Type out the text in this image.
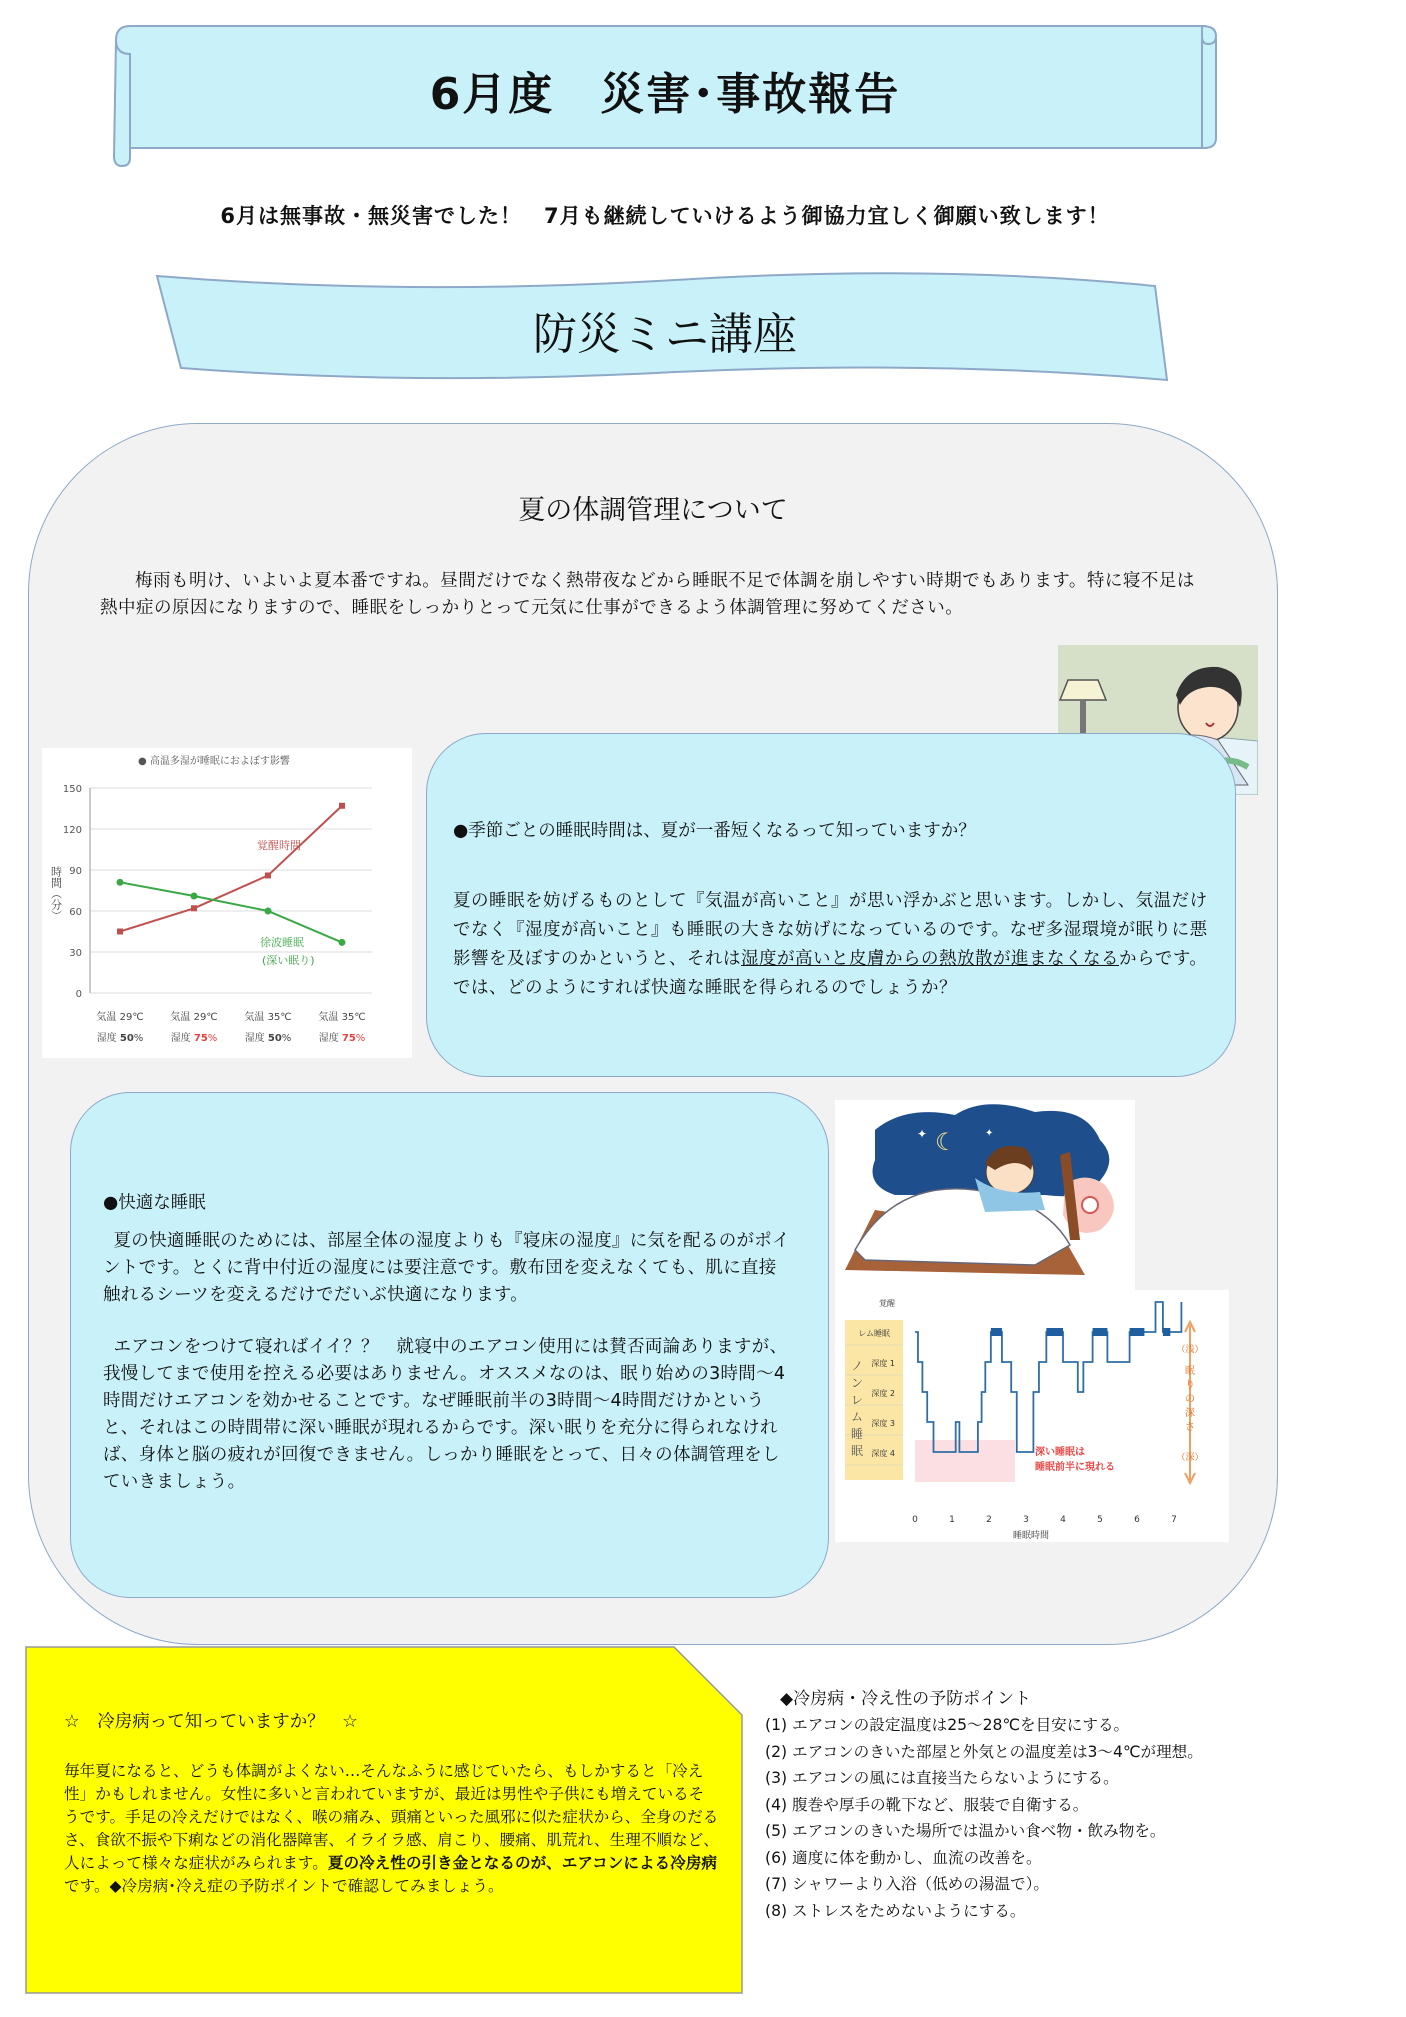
6月度　災害･事故報告
6月は無事故・無災害でした！　7月も継続していけるよう御協力宜しく御願い致します！
防災ミニ講座
夏の体調管理について
梅雨も明け、いよいよ夏本番ですね。昼間だけでなく熱帯夜などから睡眠不足で体調を崩しやすい時期でもあります。特に寝不足は熱中症の原因になりますので、睡眠をしっかりとって元気に仕事ができるよう体調管理に努めてください。
● 高温多湿が睡眠におよぼす影響
0
30
60
90
120
150
時間（分）
気温 29℃
湿度 50%
気温 29℃
湿度 75%
気温 35℃
湿度 50%
気温 35℃
湿度 75%
覚醒時間
徐波睡眠
(深い眠り)
●季節ごとの睡眠時間は、夏が一番短くなるって知っていますか？
夏の睡眠を妨げるものとして『気温が高いこと』が思い浮かぶと思います。しかし、気温だけでなく『湿度が高いこと』も睡眠の大きな妨げになっているのです。なぜ多湿環境が眠りに悪影響を及ぼすのかというと、それは湿度が高いと皮膚からの熱放散が進まなくなるからです。では、どのようにすれば快適な睡眠を得られるのでしょうか？
●快適な睡眠

夏の快適睡眠のためには、部屋全体の湿度よりも『寝床の湿度』に気を配るのがポイントです。とくに背中付近の湿度には要注意です。敷布団を変えなくても、肌に直接触れるシーツを変えるだけでだいぶ快適になります。

エアコンをつけて寝ればイイ？？　就寝中のエアコン使用には賛否両論ありますが、我慢してまで使用を控える必要はありません。オススメなのは、眠り始めの3時間〜4時間だけエアコンを効かせることです。なぜ睡眠前半の3時間〜4時間だけかというと、それはこの時間帯に深い睡眠が現れるからです。深い眠りを充分に得られなければ、身体と脳の疲れが回復できません。しっかり睡眠をとって、日々の体調管理をしていきましょう。

☾
✦	✦
覚醒
レム睡眠
深度 1
深度 2
深度 3
深度 4
ノ
ン
レ
ム
睡
眠
0	1	2	3	4	5	6	7
睡眠時間
（浅）
眠
り
の
深
さ
（深）
深い睡眠は
睡眠前半に現れる
☆　冷房病って知っていますか？　☆
毎年夏になると、どうも体調がよくない…そんなふうに感じていたら、もしかすると「冷え性」かもしれません。女性に多いと言われていますが、最近は男性や子供にも増えているそうです。手足の冷えだけではなく、喉の痛み、頭痛といった風邪に似た症状から、全身のだるさ、食欲不振や下痢などの消化器障害、イライラ感、肩こり、腰痛、肌荒れ、生理不順など、人によって様々な症状がみられます。夏の冷え性の引き金となるのが、エアコンによる冷房病です。◆冷房病･冷え症の予防ポイントで確認してみましょう。
◆冷房病・冷え性の予防ポイント
(1) エアコンの設定温度は25〜28℃を目安にする。
(2) エアコンのきいた部屋と外気との温度差は3〜4℃が理想。
(3) エアコンの風には直接当たらないようにする。
(4) 腹巻や厚手の靴下など、服装で自衛する。
(5) エアコンのきいた場所では温かい食べ物・飲み物を。
(6) 適度に体を動かし、血流の改善を。
(7) シャワーより入浴（低めの湯温で）。
(8) ストレスをためないようにする。
